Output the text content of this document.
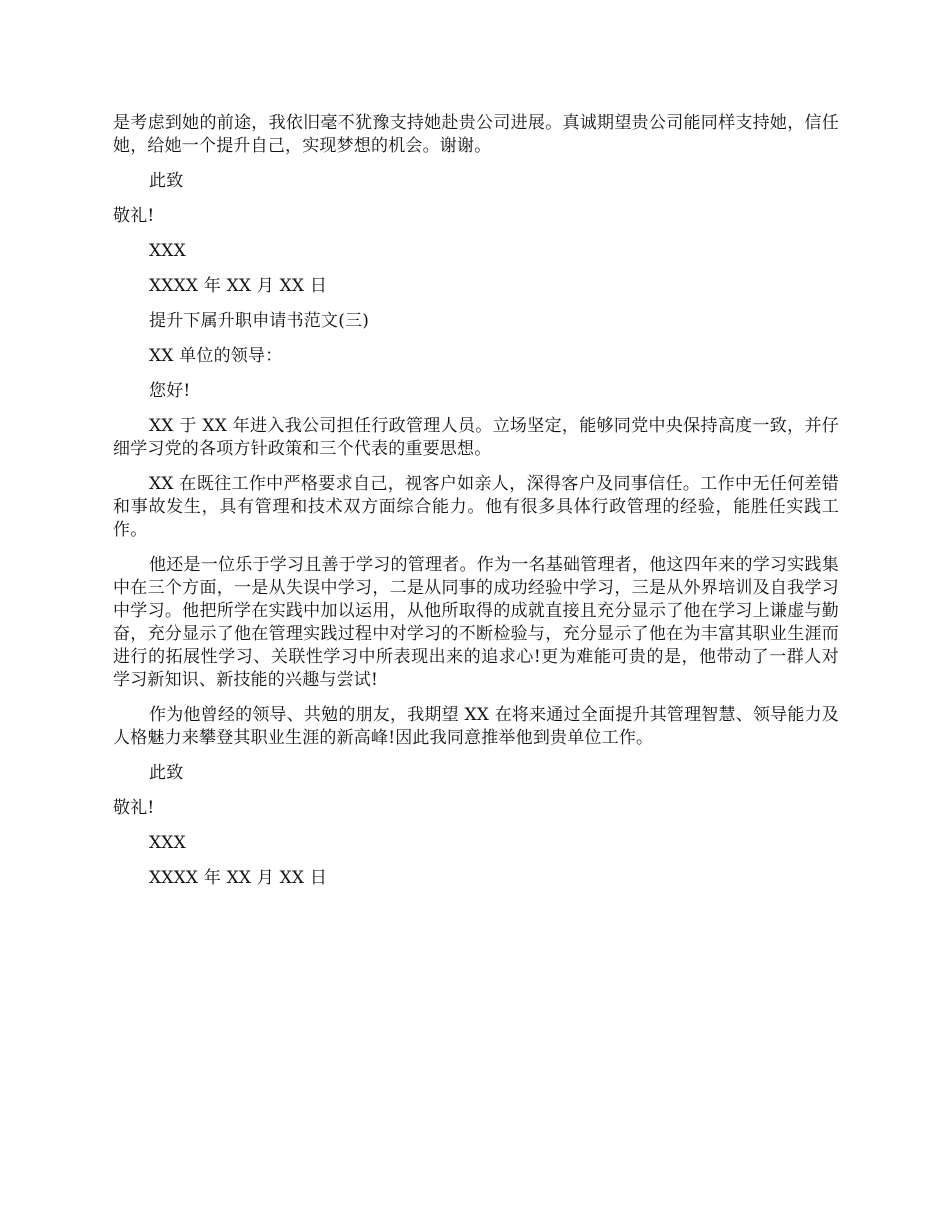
是考虑到她的前途，我依旧毫不犹豫支持她赴贵公司进展。真诚期望贵公司能同样支持她，信任她，给她一个提升自己，实现梦想的机会。谢谢。

此致

敬礼!

XXX

XXXX 年 XX 月 XX 日

提升下属升职申请书范文(三)

XX 单位的领导：

您好!

XX 于 XX 年进入我公司担任行政管理人员。立场坚定，能够同党中央保持高度一致，并仔细学习党的各项方针政策和三个代表的重要思想。

XX 在既往工作中严格要求自己，视客户如亲人，深得客户及同事信任。工作中无任何差错和事故发生，具有管理和技术双方面综合能力。他有很多具体行政管理的经验，能胜任实践工作。

他还是一位乐于学习且善于学习的管理者。作为一名基础管理者，他这四年来的学习实践集中在三个方面，一是从失误中学习，二是从同事的成功经验中学习，三是从外界培训及自我学习中学习。他把所学在实践中加以运用，从他所取得的成就直接且充分显示了他在学习上谦虚与勤奋，充分显示了他在管理实践过程中对学习的不断检验与，充分显示了他在为丰富其职业生涯而进行的拓展性学习、关联性学习中所表现出来的追求心!更为难能可贵的是，他带动了一群人对学习新知识、新技能的兴趣与尝试!

作为他曾经的领导、共勉的朋友，我期望 XX 在将来通过全面提升其管理智慧、领导能力及人格魅力来攀登其职业生涯的新高峰!因此我同意推举他到贵单位工作。

此致

敬礼!

XXX

XXXX 年 XX 月 XX 日
